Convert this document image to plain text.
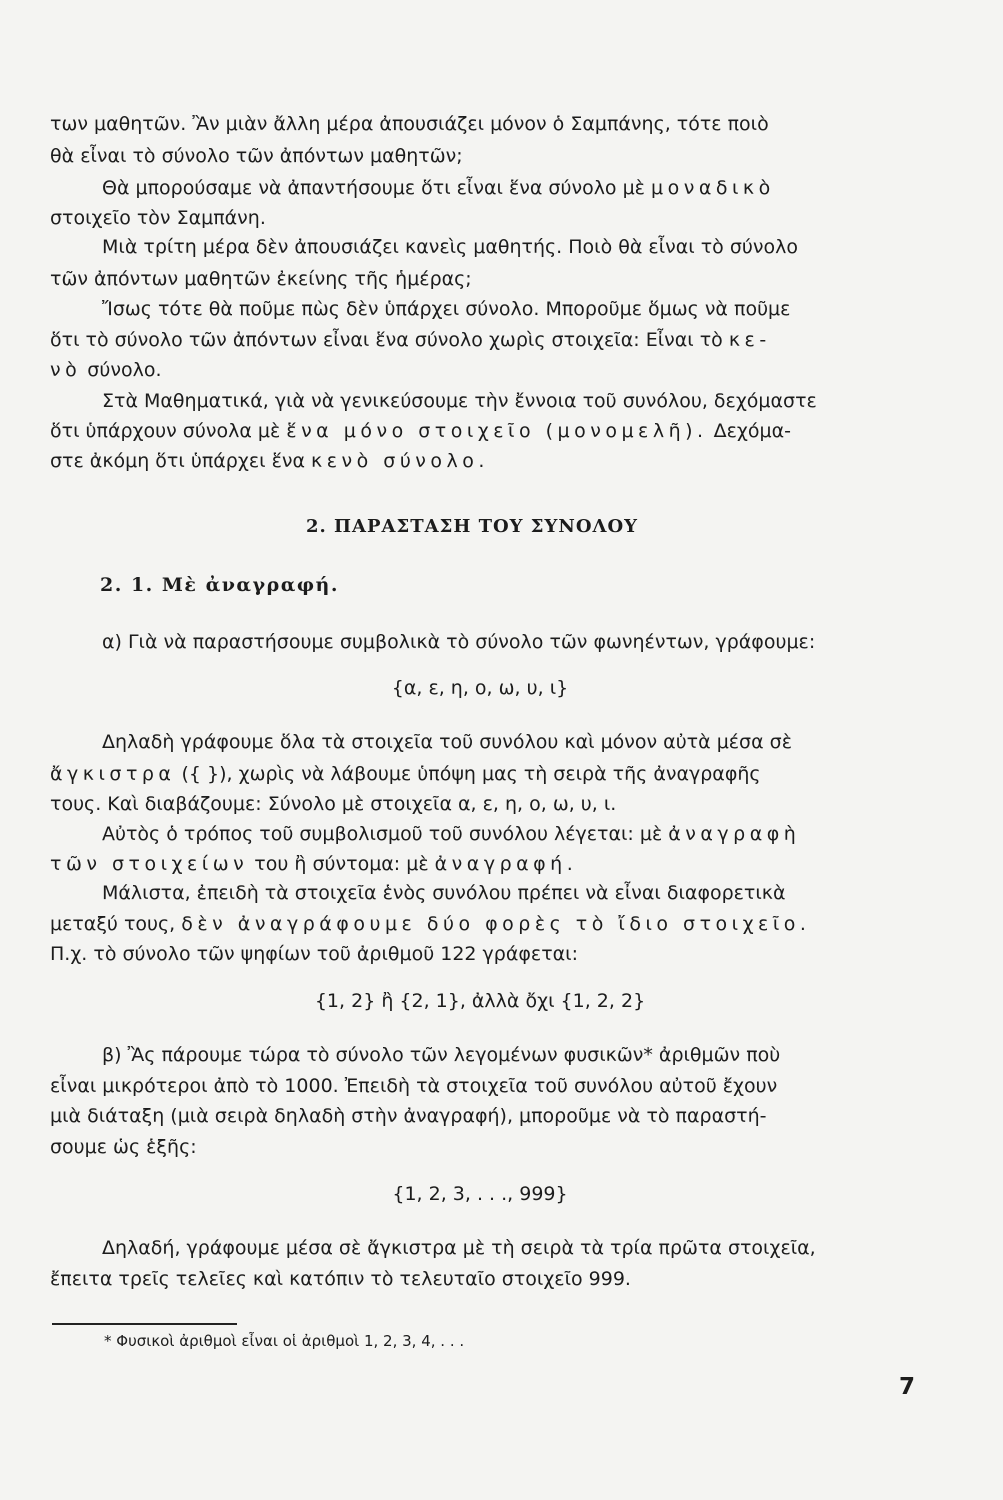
των μαθητῶν. Ἂν μιὰν ἄλλη μέρα ἀπουσιάζει μόνον ὁ Σαμπάνης, τότε ποιὸ
θὰ εἶναι τὸ σύνολο τῶν ἀπόντων μαθητῶν;
Θὰ μπορούσαμε νὰ ἀπαντήσουμε ὅτι εἶναι ἕνα σύνολο μὲ μοναδικὸ
στοιχεῖο τὸν Σαμπάνη.
Μιὰ τρίτη μέρα δὲν ἀπουσιάζει κανεὶς μαθητής. Ποιὸ θὰ εἶναι τὸ σύνολο
τῶν ἀπόντων μαθητῶν ἐκείνης τῆς ἡμέρας;
Ἴσως τότε θὰ ποῦμε πὼς δὲν ὑπάρχει σύνολο. Μποροῦμε ὅμως νὰ ποῦμε
ὅτι τὸ σύνολο τῶν ἀπόντων εἶναι ἕνα σύνολο χωρὶς στοιχεῖα: Εἶναι τὸ κε-
νὸ σύνολο.
Στὰ Μαθηματικά, γιὰ νὰ γενικεύσουμε τὴν ἔννοια τοῦ συνόλου, δεχόμαστε
ὅτι ὑπάρχουν σύνολα μὲ ἕνα μόνο στοιχεῖο (μονομελῆ). Δεχόμα-
στε ἀκόμη ὅτι ὑπάρχει ἕνα κενὸ σύνολο.
2. ΠΑΡΑΣΤΑΣΗ ΤΟΥ ΣΥΝΟΛΟΥ
2. 1. Μὲ ἀναγραφή.
α) Γιὰ νὰ παραστήσουμε συμβολικὰ τὸ σύνολο τῶν φωνηέντων, γράφουμε:
{α, ε, η, ο, ω, υ, ι}
Δηλαδὴ γράφουμε ὅλα τὰ στοιχεῖα τοῦ συνόλου καὶ μόνον αὐτὰ μέσα σὲ
ἄγκιστρα ({ }), χωρὶς νὰ λάβουμε ὑπόψη μας τὴ σειρὰ τῆς ἀναγραφῆς
τους. Καὶ διαβάζουμε: Σύνολο μὲ στοιχεῖα α, ε, η, ο, ω, υ, ι.
Αὐτὸς ὁ τρόπος τοῦ συμβολισμοῦ τοῦ συνόλου λέγεται: μὲ ἀναγραφὴ
τῶν στοιχείων του ἢ σύντομα: μὲ ἀναγραφή.
Μάλιστα, ἐπειδὴ τὰ στοιχεῖα ἑνὸς συνόλου πρέπει νὰ εἶναι διαφορετικὰ
μεταξύ τους, δὲν ἀναγράφουμε δύο φορὲς τὸ ἴδιο στοιχεῖο.
Π.χ. τὸ σύνολο τῶν ψηφίων τοῦ ἀριθμοῦ 122 γράφεται:
{1, 2} ἢ {2, 1}, ἀλλὰ ὄχι {1, 2, 2}
β) Ἂς πάρουμε τώρα τὸ σύνολο τῶν λεγομένων φυσικῶν* ἀριθμῶν ποὺ
εἶναι μικρότεροι ἀπὸ τὸ 1000. Ἐπειδὴ τὰ στοιχεῖα τοῦ συνόλου αὐτοῦ ἔχουν
μιὰ διάταξη (μιὰ σειρὰ δηλαδὴ στὴν ἀναγραφή), μποροῦμε νὰ τὸ παραστή-
σουμε ὡς ἑξῆς:
{1, 2, 3, . . ., 999}
Δηλαδή, γράφουμε μέσα σὲ ἄγκιστρα μὲ τὴ σειρὰ τὰ τρία πρῶτα στοιχεῖα,
ἔπειτα τρεῖς τελεῖες καὶ κατόπιν τὸ τελευταῖο στοιχεῖο 999.
* Φυσικοὶ ἀριθμοὶ εἶναι οἱ ἀριθμοὶ 1, 2, 3, 4, . . .
7
